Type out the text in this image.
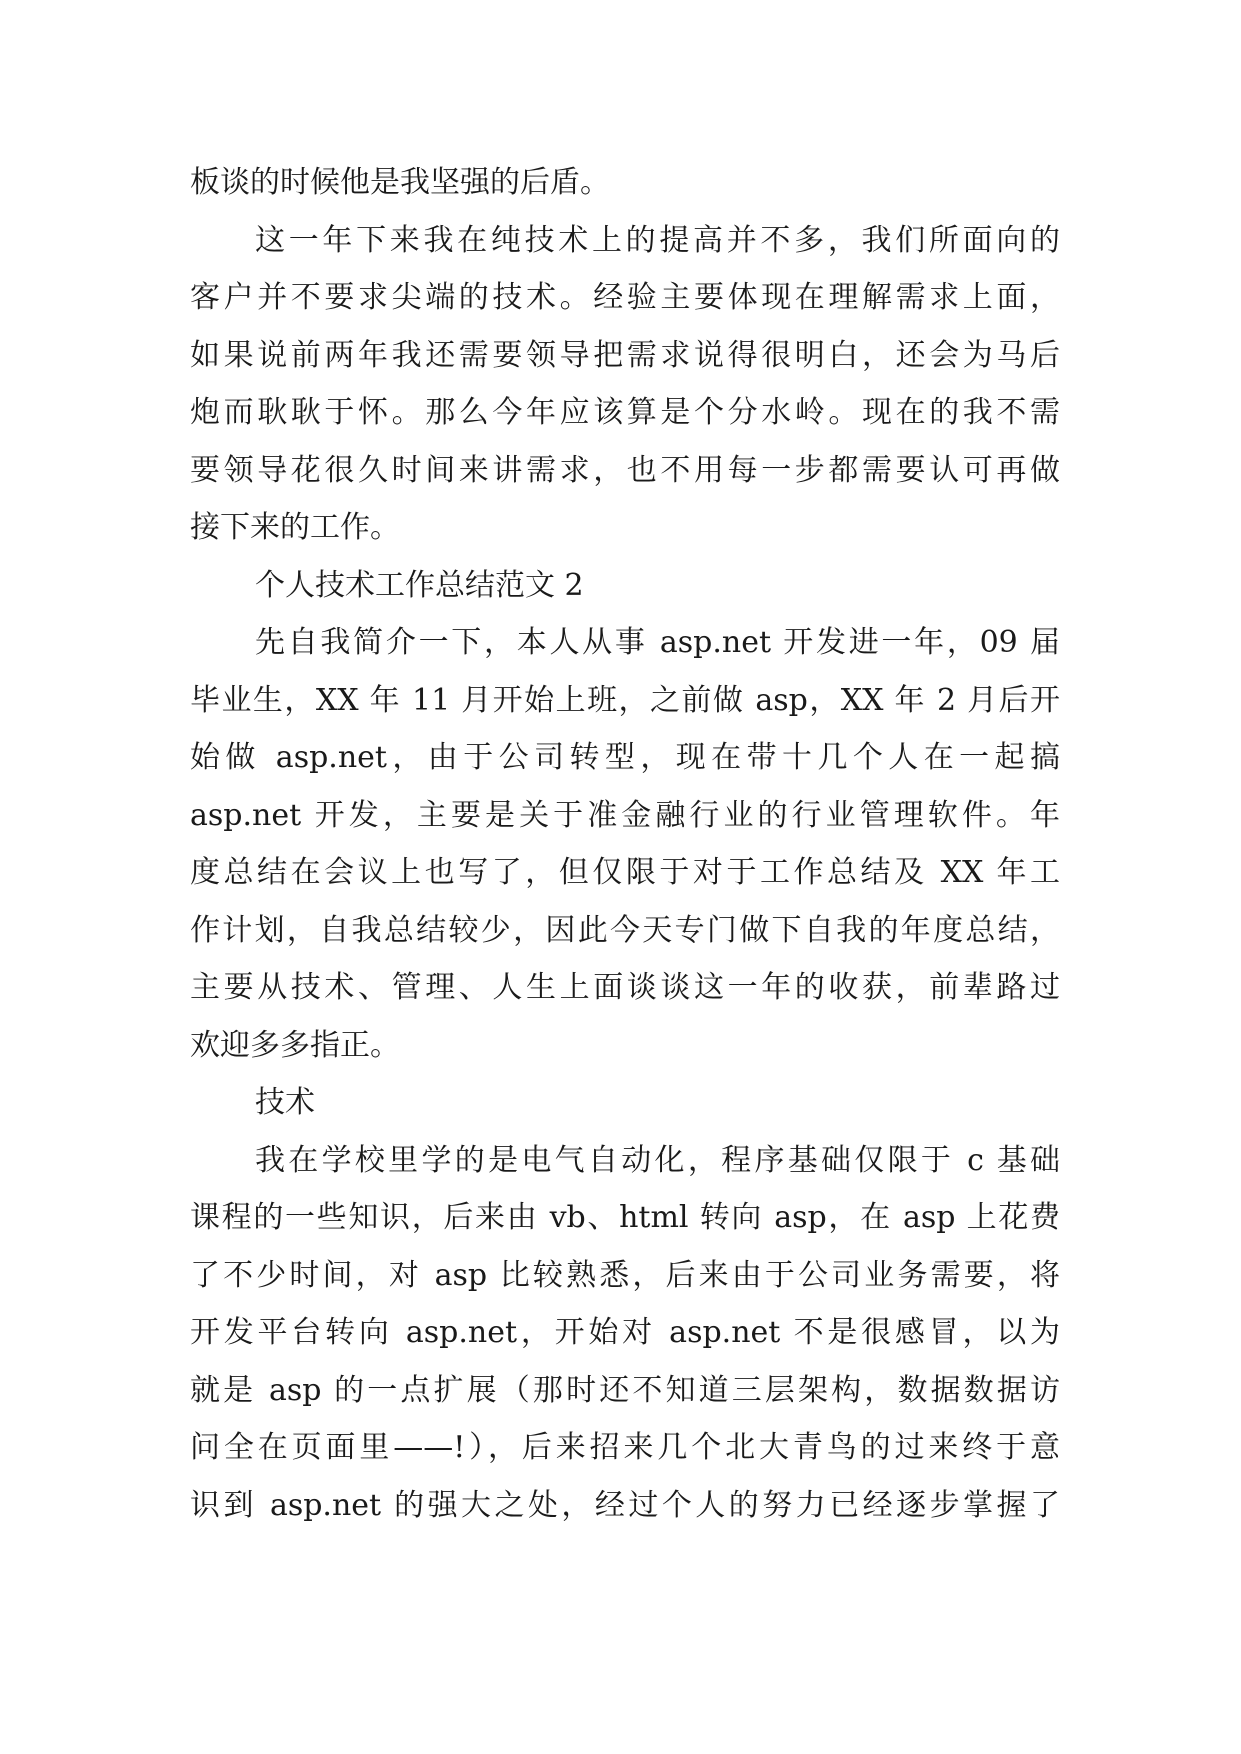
板谈的时候他是我坚强的后盾。
这一年下来我在纯技术上的提高并不多，我们所面向的
客户并不要求尖端的技术。经验主要体现在理解需求上面，
如果说前两年我还需要领导把需求说得很明白，还会为马后
炮而耿耿于怀。那么今年应该算是个分水岭。现在的我不需
要领导花很久时间来讲需求，也不用每一步都需要认可再做
接下来的工作。
个人技术工作总结范文 2
先自我简介一下，本人从事 asp.net 开发进一年，09 届
毕业生，XX 年 11 月开始上班，之前做 asp，XX 年 2 月后开
始做 asp.net，由于公司转型，现在带十几个人在一起搞
asp.net 开发，主要是关于准金融行业的行业管理软件。年
度总结在会议上也写了，但仅限于对于工作总结及 XX 年工
作计划，自我总结较少，因此今天专门做下自我的年度总结，
主要从技术、管理、人生上面谈谈这一年的收获，前辈路过
欢迎多多指正。
技术
我在学校里学的是电气自动化，程序基础仅限于 c 基础
课程的一些知识，后来由 vb、html 转向 asp，在 asp 上花费
了不少时间，对 asp 比较熟悉，后来由于公司业务需要，将
开发平台转向 asp.net，开始对 asp.net 不是很感冒，以为
就是 asp 的一点扩展（那时还不知道三层架构，数据数据访
问全在页面里——!），后来招来几个北大青鸟的过来终于意
识到 asp.net 的强大之处，经过个人的努力已经逐步掌握了
